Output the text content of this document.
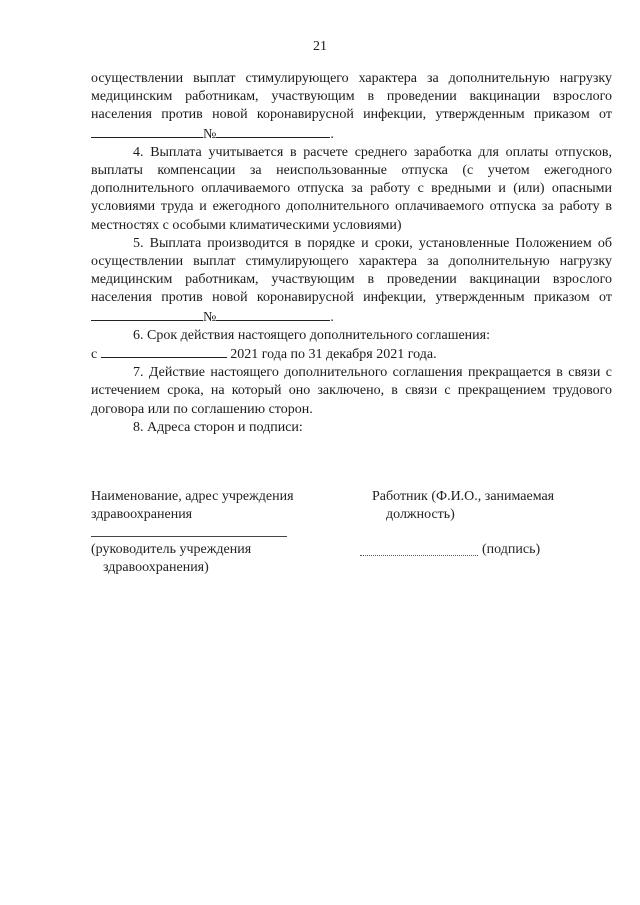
21

осуществлении выплат стимулирующего характера за дополнительную нагрузку медицинским работникам, участвующим в проведении вакцинации взрослого населения против новой коронавирусной инфекции, утвержденным приказом от№	.

4. Выплата учитывается в расчете среднего заработка для оплаты отпусков, выплаты компенсации за неиспользованные отпуска (с учетом ежегодного дополнительного оплачиваемого отпуска за работу с вредными и (или) опасными условиями труда и ежегодного дополнительного оплачиваемого отпуска за работу в местностях с особыми климатическими условиями)

5. Выплата производится в порядке и сроки, установленные Положением об осуществлении выплат стимулирующего характера за дополнительную нагрузку медицинским работникам, участвующим в проведении вакцинации взрослого населения против новой коронавирусной инфекции, утвержденным приказом от№	.

6. Срок действия настоящего дополнительного соглашения:

с	2021 года по 31 декабря 2021 года.

7. Действие настоящего дополнительного соглашения прекращается в связи с истечением срока, на который оно заключено, в связи с прекращением трудового договора или по соглашению сторон.

8. Адреса сторон и подписи:

Наименование, адрес учреждения
здравоохранения
Работник (Ф.И.О., занимаемая
должность)
(руководитель учреждения
здравоохранения)
(подпись)
